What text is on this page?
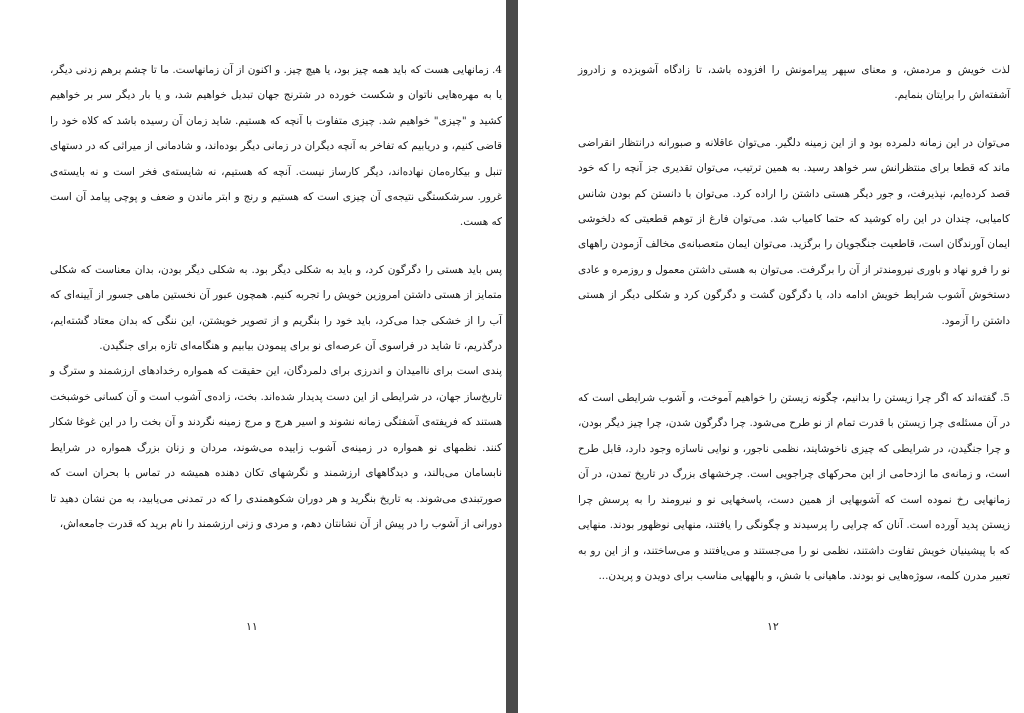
4. زمانهایی هست که باید همه چیز بود، یا هیچ چیز. و اکنون از آن زمانهاست. ما تا چشم برهم زدنی دیگر، یا به مهره‌هایی ناتوان و شکست خورده در شترنج جهان تبدیل خواهیم شد، و یا بار دیگر سر بر خواهیم کشید و "چیزی" خواهیم شد. چیزی متفاوت با آنچه که هستیم. شاید زمان آن رسیده باشد که کلاه خود را قاضی کنیم، و دریابیم که تفاخر به آنچه دیگران در زمانی دیگر بوده‌اند، و شادمانی از میراثی که در دستهای تنبل و بیکاره‌مان نهاده‌اند، دیگر کارساز نیست. آنچه که هستیم، نه شایسته‌ی فخر است و نه بایسته‌ی غرور. سرشکستگی نتیجه‌ی آن چیزی است که هستیم و رنج و ابتر ماندن و ضعف و پوچی پیامد آن است که هست.
پس باید هستی را دگرگون کرد، و باید به شکلی دیگر بود. به شکلی دیگر بودن، بدان معناست که شکلی متمایز از هستی داشتن امروزین خویش را تجربه کنیم. همچون عبور آن نخستین ماهی جسور از آیینه‌ای که آب را از خشکی جدا می‌کرد، باید خود را بنگریم و از تصویر خویشتن، این ننگی که بدان معتاد گشته‌ایم، درگذریم، تا شاید در فراسوی آن عرصه‌ای نو برای پیمودن بیابیم و هنگامه‌ای تازه برای جنگیدن.
پندی است برای ناامیدان و اندرزی برای دلمردگان، این حقیقت که همواره رخدادهای ارزشمند و سترگ و تاریخ‌ساز جهان، در شرایطی از این دست پدیدار شده‌اند. بخت، زاده‌ی آشوب است و آن کسانی خوشبخت هستند که فریفته‌ی آشفتگی زمانه نشوند و اسیر هرج و مرج زمینه نگردند و آن بخت را در این غوغا شکار کنند. نظمهای نو همواره در زمینه‌ی آشوب زاییده می‌شوند، مردان و زنان بزرگ همواره در شرایط نابسامان می‌بالند، و دیدگاههای ارزشمند و نگرشهای تکان دهنده همیشه در تماس با بحران است که صورتبندی می‌شوند. به تاریخ بنگرید و هر دوران شکوهمندی را که در تمدنی می‌یابید، به من نشان دهید تا دورانی از آشوب را در پیش از آن نشانتان دهم، و مردی و زنی ارزشمند را نام برید که قدرت جامعه‌اش،
۱۱
لذت خویش و مردمش، و معنای سپهر پیرامونش را افزوده باشد، تا زادگاه آشوبزده و زادروز آشفته‌اش را برایتان بنمایم.
می‌توان در این زمانه دلمرده بود و از این زمینه دلگیر. می‌توان عاقلانه و صبورانه درانتظار انقراضی ماند که قطعا برای منتظرانش سر خواهد رسید. به همین ترتیب، می‌توان تقدیری جز آنچه را که خود قصد کرده‌ایم، نپذیرفت، و جور دیگر هستی داشتن را اراده کرد. می‌توان با دانستن کم بودن شانس کامیابی، چندان در این راه کوشید که حتما کامیاب شد. می‌توان فارغ از توهم قطعیتی که دلخوشی ایمان آورندگان است، قاطعیت جنگجویان را برگزید. می‌توان ایمان متعصبانه‌ی مخالف آزمودن راههای نو را فرو نهاد و باوری نیرومندتر از آن را برگرفت. می‌توان به هستی داشتن معمول و روزمره و عادی دستخوش آشوب شرایط خویش ادامه داد، یا دگرگون گشت و دگرگون کرد و شکلی دیگر از هستی داشتن را آزمود.
5. گفته‌اند که اگر چرا زیستن را بدانیم، چگونه زیستن را خواهیم آموخت، و آشوب شرایطی است که در آن مسئله‌ی چرا زیستن با قدرت تمام از نو طرح می‌شود. چرا دگرگون شدن، چرا چیز دیگر بودن، و چرا جنگیدن، در شرایطی که چیزی ناخوشایند، نظمی ناجور، و نوایی ناسازه وجود دارد، قابل طرح است، و زمانه‌ی ما ازدحامی از این محرکهای چراجویی است. چرخشهای بزرگ در تاریخ تمدن، در آن زمانهایی رخ نموده است که آشوبهایی از همین دست، پاسخهایی نو و نیرومند را به پرسش چرا زیستن پدید آورده است. آنان که چرایی را پرسیدند و چگونگی را یافتند، منهایی نوظهور بودند. منهایی که با پیشینیان خویش تفاوت داشتند، نظمی نو را می‌جستند و می‌یافتند و می‌ساختند، و از این رو به تعبیر مدرن کلمه، سوژه‌هایی نو بودند. ماهیانی با شش، و بالههایی مناسب برای دویدن و پریدن...
۱۲
